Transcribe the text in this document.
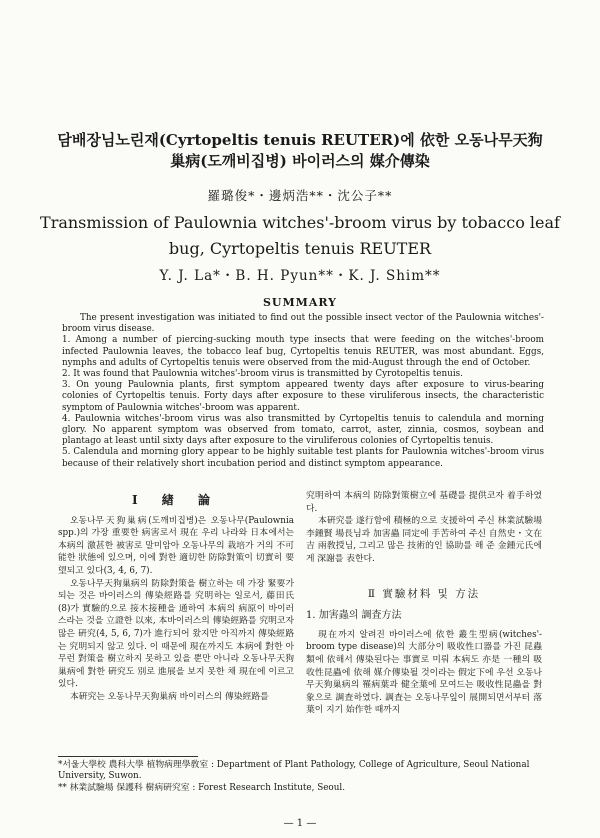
담배장님노린재(Cyrtopeltis tenuis REUTER)에 依한 오동나무天狗
巢病(도깨비집병) 바이러스의 媒介傳染
羅璐俊*・邊炳浩**・沈公子**
Transmission of Paulownia witches'-broom virus by tobacco leaf
bug, Cyrtopeltis tenuis REUTER
Y. J. La*・B. H. Pyun**・K. J. Shim**
SUMMARY

The present investigation was initiated to find out the possible insect vector of the Paulownia witches'-broom virus disease.

1. Among a number of piercing-sucking mouth type insects that were feeding on the witches'-broom infected Paulownia leaves, the tobacco leaf bug, Cyrtopeltis tenuis REUTER, was most abundant. Eggs, nymphs and adults of Cyrtopeltis tenuis were observed from the mid-August through the end of October.
2. It was found that Paulownia witches'-broom virus is transmitted by Cyrotopeltis tenuis.
3. On young Paulownia plants, first symptom appeared twenty days after exposure to virus-bearing colonies of Cyrtopeltis tenuis. Forty days after exposure to these viruliferous insects, the characteristic symptom of Paulownia witches'-broom was apparent.
4. Paulownia witches'-broom virus was also transmitted by Cyrtopeltis tenuis to calendula and morning glory. No apparent symptom was observed from tomato, carrot, aster, zinnia, cosmos, soybean and plantago at least until sixty days after exposure to the viruliferous colonies of Cyrtopeltis tenuis.
5. Calendula and morning glory appear to be highly suitable test plants for Paulownia witches'-broom virus because of their relatively short incubation period and distinct symptom appearance.
I 緖 論

오동나무天狗巢病(도깨비집병)은 오동나무(Paulownia spp.)의 가장 重要한 病害로서 現在 우리 나라와 日本에서는 本病의 激甚한 被害로 말미암아 오동나무의 栽培가 거의 不可能한 狀態에 있으며, 이에 對한 適切한 防除對策이 切實히 要望되고 있다(3, 4, 6, 7).

오동나무天狗巢病의 防除對策을 樹立하는 데 가장 緊要가 되는 것은 바이러스의 傳染經路를 究明하는 일로서, 藤田氏(8)가 實驗的으로 接木接種을 通하여 本病의 病原이 바이러스라는 것을 立證한 以來, 本바이러스의 傳染經路를 究明코자 많은 硏究(4, 5, 6, 7)가 進行되어 왔지만 아직까지 傳染經路는 究明되지 않고 있다. 이 때문에 現在까지도 本病에 對한 아무런 對策을 樹立하지 못하고 있을 뿐만 아니라 오동나무天狗巢病에 對한 硏究도 別로 進展을 보지 못한 채 現在에 이르고 있다.

本硏究는 오동나무天狗巢病 바이러스의 傳染經路를

究明하여 本病의 防除對策樹立에 基礎를 提供코자 着手하였다.

本硏究를 遂行함에 積極的으로 支援하여 주신 林業試驗場 李鍾賢 場長님과 加害蟲 同定에 手苦하여 주신 自然史・文在吉 兩敎授님, 그리고 많은 技術的인 協助를 해 준 金鍾元氏에게 深謝를 表한다.

Ⅱ 實驗材料 및 方法
1. 加害蟲의 調査方法

現在까지 알려진 바이러스에 依한 叢生型病(witches'-broom type disease)의 大部分이 吸收性口器를 가진 昆蟲類에 依해서 傳染된다는 事實로 미뤄 本病도 亦是 一種의 吸收性昆蟲에 依해 媒介傳染될 것이라는 假定下에 우선 오동나무天狗巢病의 罹病葉과 健全葉에 모여드는 吸收性昆蟲을 對象으로 調査하였다. 調査는 오동나무잎이 展開되면서부터 落葉이 지기 始作한 때까지

*서울大學校 農科大學 植物病理學敎室 : Department of Plant Pathology, College of Agriculture, Seoul National University, Suwon.
** 林業試驗場 保護科 樹病硏究室 : Forest Research Institute, Seoul.
— 1 —
